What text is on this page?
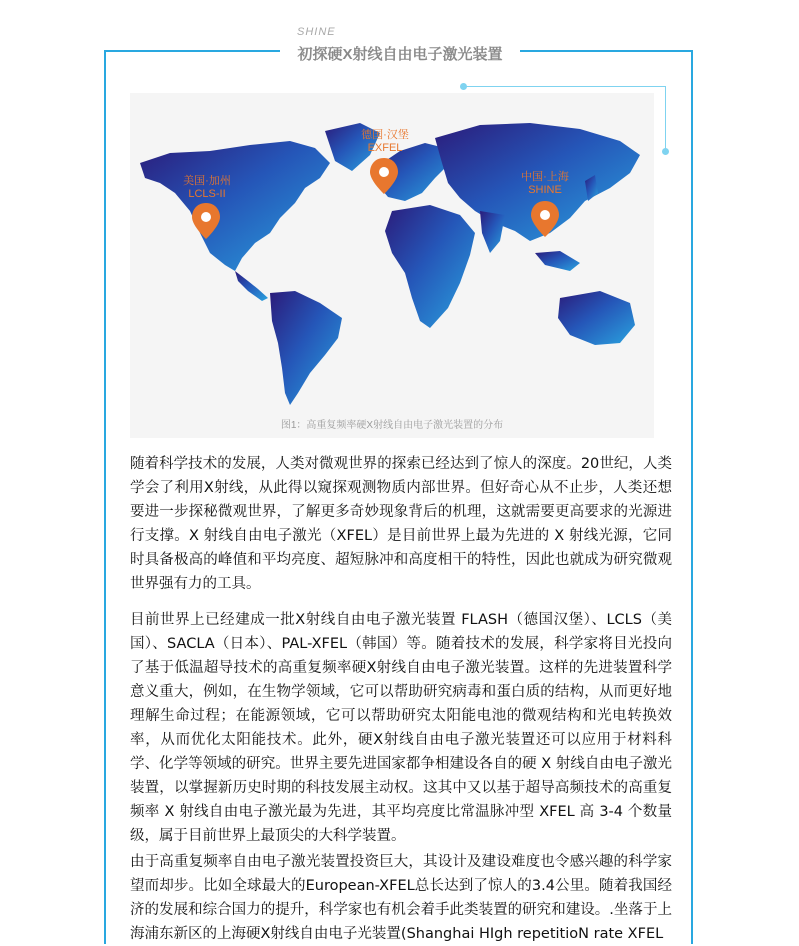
SHINE
初探硬X射线自由电子激光装置
美国·加州
LCLS-II
德国·汉堡
EXFEL
中国·上海
SHINE
图1：高重复频率硬X射线自由电子激光装置的分布

随着科学技术的发展，人类对微观世界的探索已经达到了惊人的深度。20世纪，人类学会了利用X射线，从此得以窥探观测物质内部世界。但好奇心从不止步，人类还想要进一步探秘微观世界，了解更多奇妙现象背后的机理，这就需要更高要求的光源进行支撑。X 射线自由电子激光（XFEL）是目前世界上最为先进的 X 射线光源，它同时具备极高的峰值和平均亮度、超短脉冲和高度相干的特性，因此也就成为研究微观世界强有力的工具。

目前世界上已经建成一批X射线自由电子激光装置 FLASH（德国汉堡）、LCLS（美国）、SACLA（日本）、PAL-XFEL（韩国）等。随着技术的发展，科学家将目光投向了基于低温超导技术的高重复频率硬X射线自由电子激光装置。这样的先进装置科学意义重大，例如，在生物学领域，它可以帮助研究病毒和蛋白质的结构，从而更好地理解生命过程；在能源领域，它可以帮助研究太阳能电池的微观结构和光电转换效率，从而优化太阳能技术。此外，硬X射线自由电子激光装置还可以应用于材料科学、化学等领域的研究。世界主要先进国家都争相建设各自的硬 X 射线自由电子激光装置，以掌握新历史时期的科技发展主动权。这其中又以基于超导高频技术的高重复频率 X 射线自由电子激光最为先进，其平均亮度比常温脉冲型 XFEL 高 3-4 个数量级，属于目前世界上最顶尖的大科学装置。

由于高重复频率自由电子激光装置投资巨大，其设计及建设难度也令感兴趣的科学家望而却步。比如全球最大的European-XFEL总长达到了惊人的3.4公里。随着我国经济的发展和综合国力的提升，科学家也有机会着手此类装置的研究和建设。.坐落于上海浦东新区的上海硬X射线自由电子光装置(Shanghai HIgh repetitioN rate XFEL
